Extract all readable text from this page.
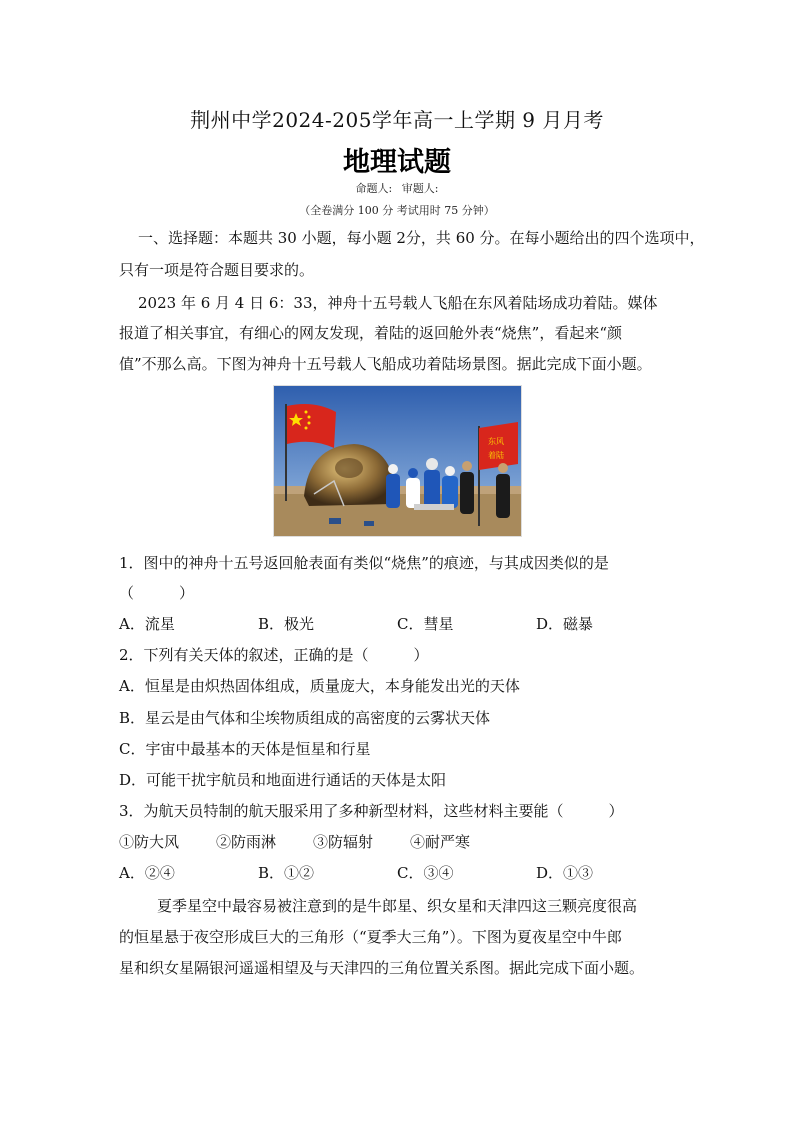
荆州中学2024-205学年高一上学期 9 月月考
地理试题
命题人: 审题人:
（全卷满分 100 分 考试用时 75 分钟）
一、选择题：本题共 30 小题，每小题 2分，共 60 分。在每小题给出的四个选项中，
只有一项是符合题目要求的。
2023 年 6 月 4 日 6：33，神舟十五号载人飞船在东风着陆场成功着陆。媒体
报道了相关事宜，有细心的网友发现，着陆的返回舱外表“烧焦”，看起来“颜
值”不那么高。下图为神舟十五号载人飞船成功着陆场景图。据此完成下面小题。
东风
着陆
1．图中的神舟十五号返回舱表面有类似“烧焦”的痕迹，与其成因类似的是
（　　　）
A．流星	B．极光	C．彗星	D．磁暴
2．下列有关天体的叙述，正确的是（　　　）
A．恒星是由炽热固体组成，质量庞大，本身能发出光的天体
B．星云是由气体和尘埃物质组成的高密度的云雾状天体
C．宇宙中最基本的天体是恒星和行星
D．可能干扰宇航员和地面进行通话的天体是太阳
3．为航天员特制的航天服采用了多种新型材料，这些材料主要能（　　　）
①防大风 ②防雨淋 ③防辐射 ④耐严寒
A．②④	B．①②	C．③④	D．①③
夏季星空中最容易被注意到的是牛郎星、织女星和天津四这三颗亮度很高
的恒星悬于夜空形成巨大的三角形（“夏季大三角”）。下图为夏夜星空中牛郎
星和织女星隔银河遥遥相望及与天津四的三角位置关系图。据此完成下面小题。
